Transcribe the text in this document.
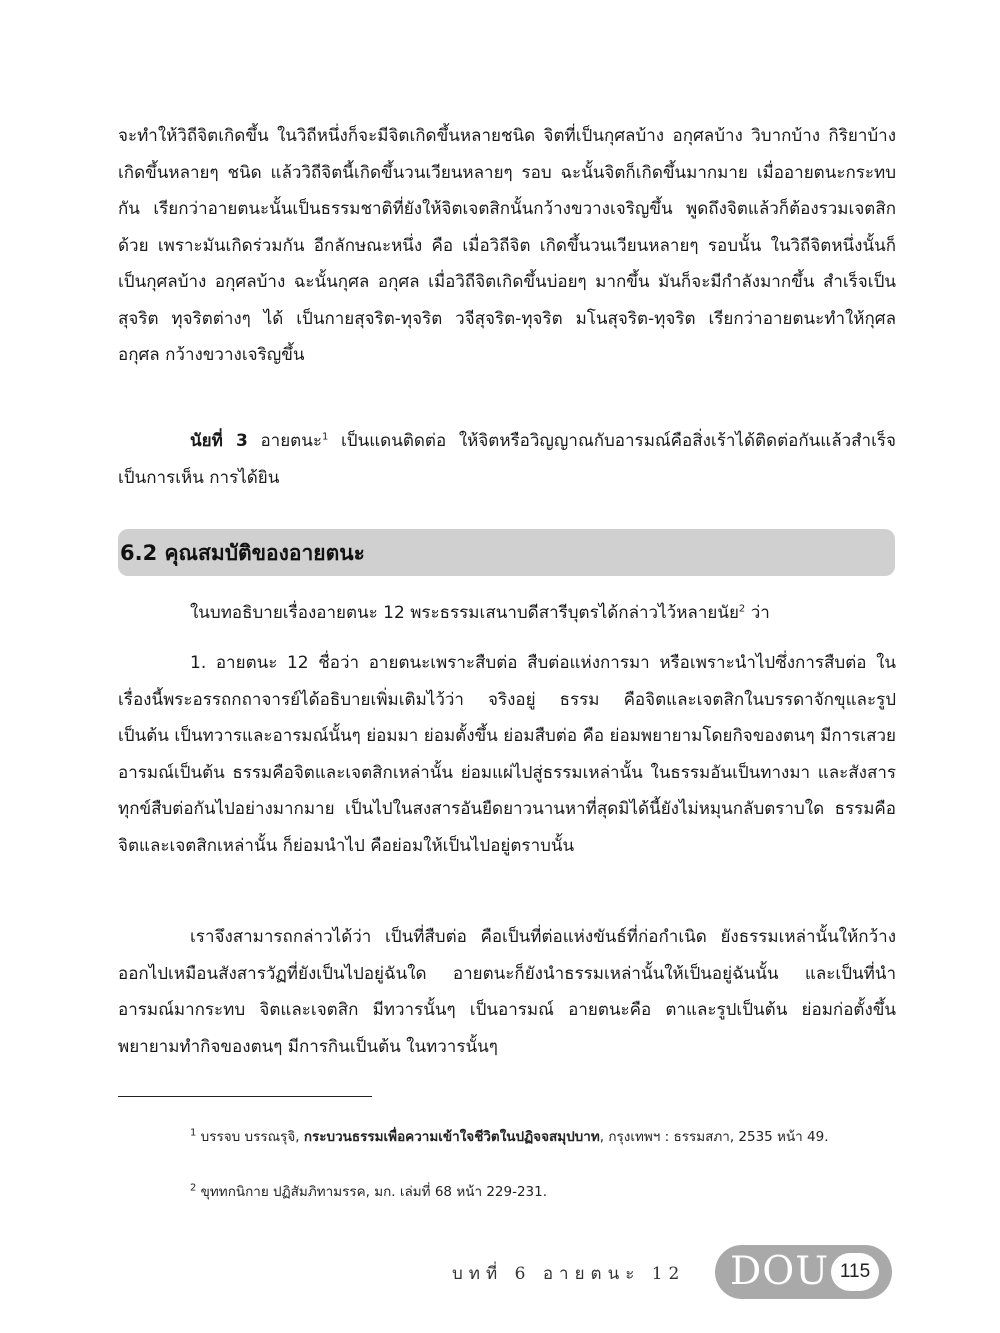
จะทำให้วิถีจิตเกิดขึ้น ในวิถีหนึ่งก็จะมีจิตเกิดขึ้นหลายชนิด จิตที่เป็นกุศลบ้าง อกุศลบ้าง วิบากบ้าง กิริยาบ้าง เกิดขึ้นหลายๆ ชนิด แล้ววิถีจิตนี้เกิดขึ้นวนเวียนหลายๆ รอบ ฉะนั้นจิตก็เกิดขึ้นมากมาย เมื่ออายตนะกระทบกัน เรียกว่าอายตนะนั้นเป็นธรรมชาติที่ยังให้จิตเจตสิกนั้นกว้างขวางเจริญขึ้น พูดถึงจิตแล้วก็ต้องรวมเจตสิกด้วย เพราะมันเกิดร่วมกัน อีกลักษณะหนึ่ง คือ เมื่อวิถีจิต เกิดขึ้นวนเวียนหลายๆ รอบนั้น ในวิถีจิตหนึ่งนั้นก็เป็นกุศลบ้าง อกุศลบ้าง ฉะนั้นกุศล อกุศล เมื่อวิถีจิตเกิดขึ้นบ่อยๆ มากขึ้น มันก็จะมีกำลังมากขึ้น สำเร็จเป็นสุจริต ทุจริตต่างๆ ได้ เป็นกายสุจริต-ทุจริต วจีสุจริต-ทุจริต มโนสุจริต-ทุจริต เรียกว่าอายตนะทำให้กุศล อกุศล กว้างขวางเจริญขึ้น

นัยที่ 3 อายตนะ$^1$ เป็นแดนติดต่อ ให้จิตหรือวิญญาณกับอารมณ์คือสิ่งเร้าได้ติดต่อกันแล้วสำเร็จเป็นการเห็น การได้ยิน

6.2 คุณสมบัติของอายตนะ

ในบทอธิบายเรื่องอายตนะ 12 พระธรรมเสนาบดีสารีบุตรได้กล่าวไว้หลายนัย$^2$ ว่า

1. อายตนะ 12 ชื่อว่า อายตนะเพราะสืบต่อ สืบต่อแห่งการมา หรือเพราะนำไปซึ่งการสืบต่อ ในเรื่องนี้พระอรรถกถาจารย์ได้อธิบายเพิ่มเติมไว้ว่า จริงอยู่ ธรรม คือจิตและเจตสิกในบรรดาจักขุและรูป เป็นต้น เป็นทวารและอารมณ์นั้นๆ ย่อมมา ย่อมตั้งขึ้น ย่อมสืบต่อ คือ ย่อมพยายามโดยกิจของตนๆ มีการเสวยอารมณ์เป็นต้น ธรรมคือจิตและเจตสิกเหล่านั้น ย่อมแผ่ไปสู่ธรรมเหล่านั้น ในธรรมอันเป็นทางมา และสังสารทุกข์สืบต่อกันไปอย่างมากมาย เป็นไปในสงสารอันยืดยาวนานหาที่สุดมิได้นี้ยังไม่หมุนกลับตราบใด ธรรมคือจิตและเจตสิกเหล่านั้น ก็ย่อมนำไป คือย่อมให้เป็นไปอยู่ตราบนั้น

เราจึงสามารถกล่าวได้ว่า เป็นที่สืบต่อ คือเป็นที่ต่อแห่งขันธ์ที่ก่อกำเนิด ยังธรรมเหล่านั้นให้กว้างออกไปเหมือนสังสารวัฏที่ยังเป็นไปอยู่ฉันใด อายตนะก็ยังนำธรรมเหล่านั้นให้เป็นอยู่ฉันนั้น และเป็นที่นำอารมณ์มากระทบ จิตและเจตสิก มีทวารนั้นๆ เป็นอารมณ์ อายตนะคือ ตาและรูปเป็นต้น ย่อมก่อตั้งขึ้นพยายามทำกิจของตนๆ มีการกินเป็นต้น ในทวารนั้นๆ

$^1$ บรรจบ บรรณรุจิ, กระบวนธรรมเพื่อความเข้าใจชีวิตในปฏิจจสมุปบาท, กรุงเทพฯ : ธรรมสภา, 2535 หน้า 49.

$^2$ ขุททกนิกาย ปฏิสัมภิทามรรค, มก. เล่มที่ 68 หน้า 229-231.

บทที่ 6 อายตนะ 12 DOU 115
